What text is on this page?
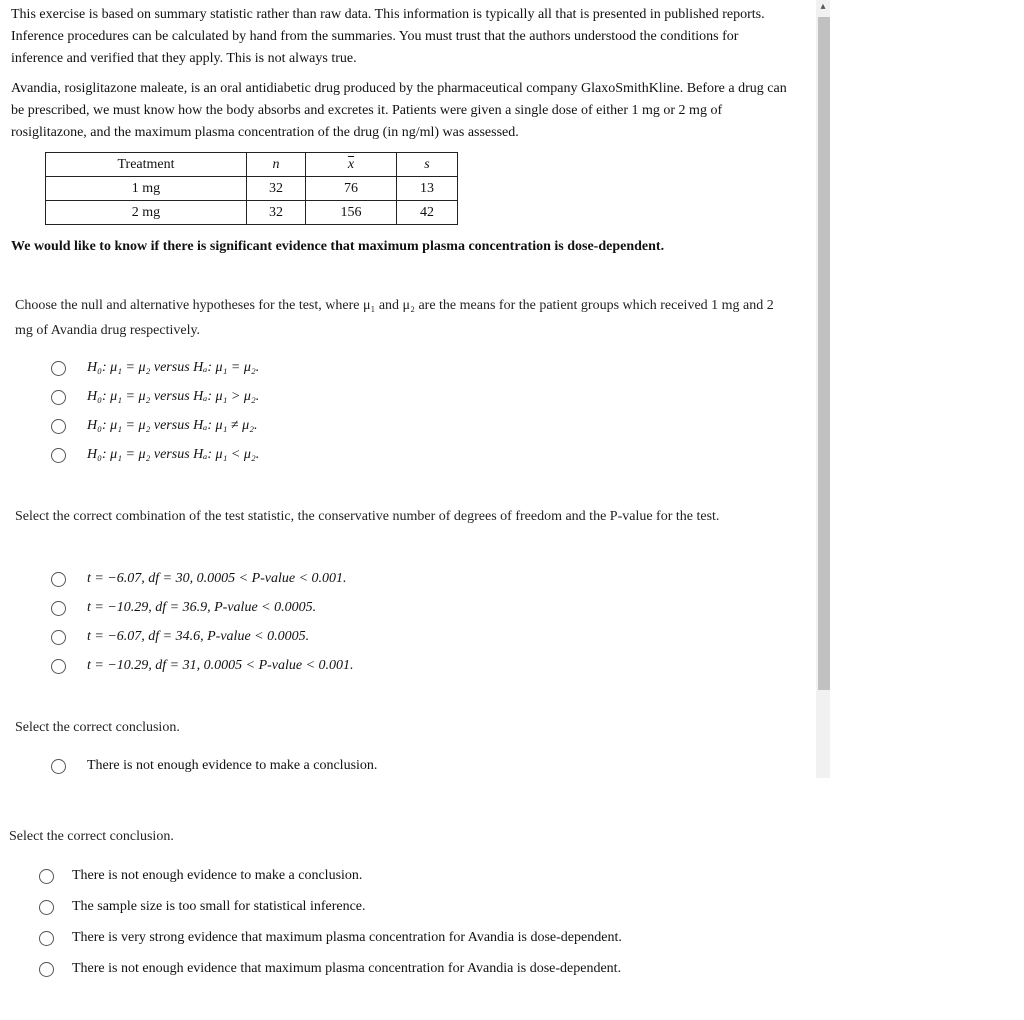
This exercise is based on summary statistic rather than raw data. This information is typically all that is presented in published reports. Inference procedures can be calculated by hand from the summaries. You must trust that the authors understood the conditions for inference and verified that they apply. This is not always true.

Avandia, rosiglitazone maleate, is an oral antidiabetic drug produced by the pharmaceutical company GlaxoSmithKline. Before a drug can be prescribed, we must know how the body absorbs and excretes it. Patients were given a single dose of either 1 mg or 2 mg of rosiglitazone, and the maximum plasma concentration of the drug (in ng/ml) was assessed.

Treatment	n	$\overline{x}$	s
1 mg	32	76	13
2 mg	32	156	42

We would like to know if there is significant evidence that maximum plasma concentration is dose-dependent.

Choose the null and alternative hypotheses for the test, where μ₁ and μ₂ are the means for the patient groups which received 1 mg and 2 mg of Avandia drug respectively.
H₀: μ₁ = μ₂ versus Hₐ: μ₁ = μ₂.
H₀: μ₁ = μ₂ versus Hₐ: μ₁ > μ₂.
H₀: μ₁ = μ₂ versus Hₐ: μ₁ ≠ μ₂.
H₀: μ₁ = μ₂ versus Hₐ: μ₁ < μ₂.
Select the correct combination of the test statistic, the conservative number of degrees of freedom and the P-value for the test.
t = −6.07, df = 30, 0.0005 < P-value < 0.001.
t = −10.29, df = 36.9, P-value < 0.0005.
t = −6.07, df = 34.6, P-value < 0.0005.
t = −10.29, df = 31, 0.0005 < P-value < 0.001.
Select the correct conclusion.
There is not enough evidence to make a conclusion.
Select the correct conclusion.
There is not enough evidence to make a conclusion.
The sample size is too small for statistical inference.
There is very strong evidence that maximum plasma concentration for Avandia is dose-dependent.
There is not enough evidence that maximum plasma concentration for Avandia is dose-dependent.
▴
